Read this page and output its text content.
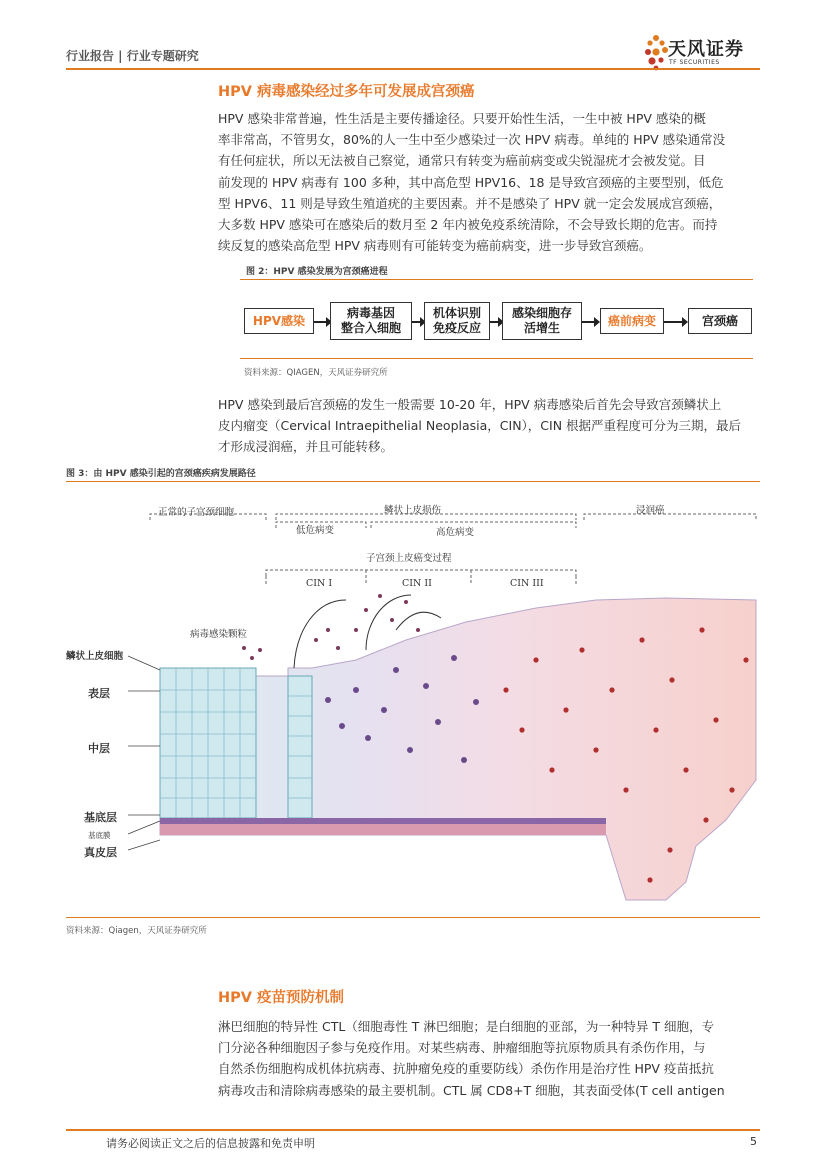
行业报告 | 行业专题研究	天风证券
TF SECURITIES
HPV 病毒感染经过多年可发展成宫颈癌
HPV 感染非常普遍，性生活是主要传播途径。只要开始性生活，一生中被 HPV 感染的概
率非常高，不管男女，80%的人一生中至少感染过一次 HPV 病毒。单纯的 HPV 感染通常没
有任何症状，所以无法被自己察觉，通常只有转变为癌前病变或尖锐湿疣才会被发觉。目
前发现的 HPV 病毒有 100 多种，其中高危型 HPV16、18 是导致宫颈癌的主要型别，低危
型 HPV6、11 则是导致生殖道疣的主要因素。并不是感染了 HPV 就一定会发展成宫颈癌，
大多数 HPV 感染可在感染后的数月至 2 年内被免疫系统清除，不会导致长期的危害。而持
续反复的感染高危型 HPV 病毒则有可能转变为癌前病变，进一步导致宫颈癌。
图 2：HPV 感染发展为宫颈癌进程
HPV感染
病毒基因
整合入细胞
机体识别
免疫反应
感染细胞存
活增生
癌前病变	宫颈癌
资料来源：QIAGEN，天风证券研究所
HPV 感染到最后宫颈癌的发生一般需要 10-20 年，HPV 病毒感染后首先会导致宫颈鳞状上
皮内瘤变（Cervical Intraepithelial Neoplasia，CIN），CIN 根据严重程度可分为三期，最后
才形成浸润癌，并且可能转移。
图 3：由 HPV 感染引起的宫颈癌疾病发展路径
正常的子宫颈细胞	鳞状上皮损伤	浸润癌
低危病变	高危病变
子宫颈上皮癌变过程
CIN I	CIN II	CIN III
病毒感染颗粒
鳞状上皮细胞
表层
中层
基底层
基底膜
真皮层
资料来源：Qiagen，天风证券研究所
HPV 疫苗预防机制
淋巴细胞的特异性 CTL（细胞毒性 T 淋巴细胞；是白细胞的亚部，为一种特异 T 细胞，专
门分泌各种细胞因子参与免疫作用。对某些病毒、肿瘤细胞等抗原物质具有杀伤作用，与
自然杀伤细胞构成机体抗病毒、抗肿瘤免疫的重要防线）杀伤作用是治疗性 HPV 疫苗抵抗
病毒攻击和清除病毒感染的最主要机制。CTL 属 CD8+T 细胞，其表面受体(T cell antigen
请务必阅读正文之后的信息披露和免责申明	5
